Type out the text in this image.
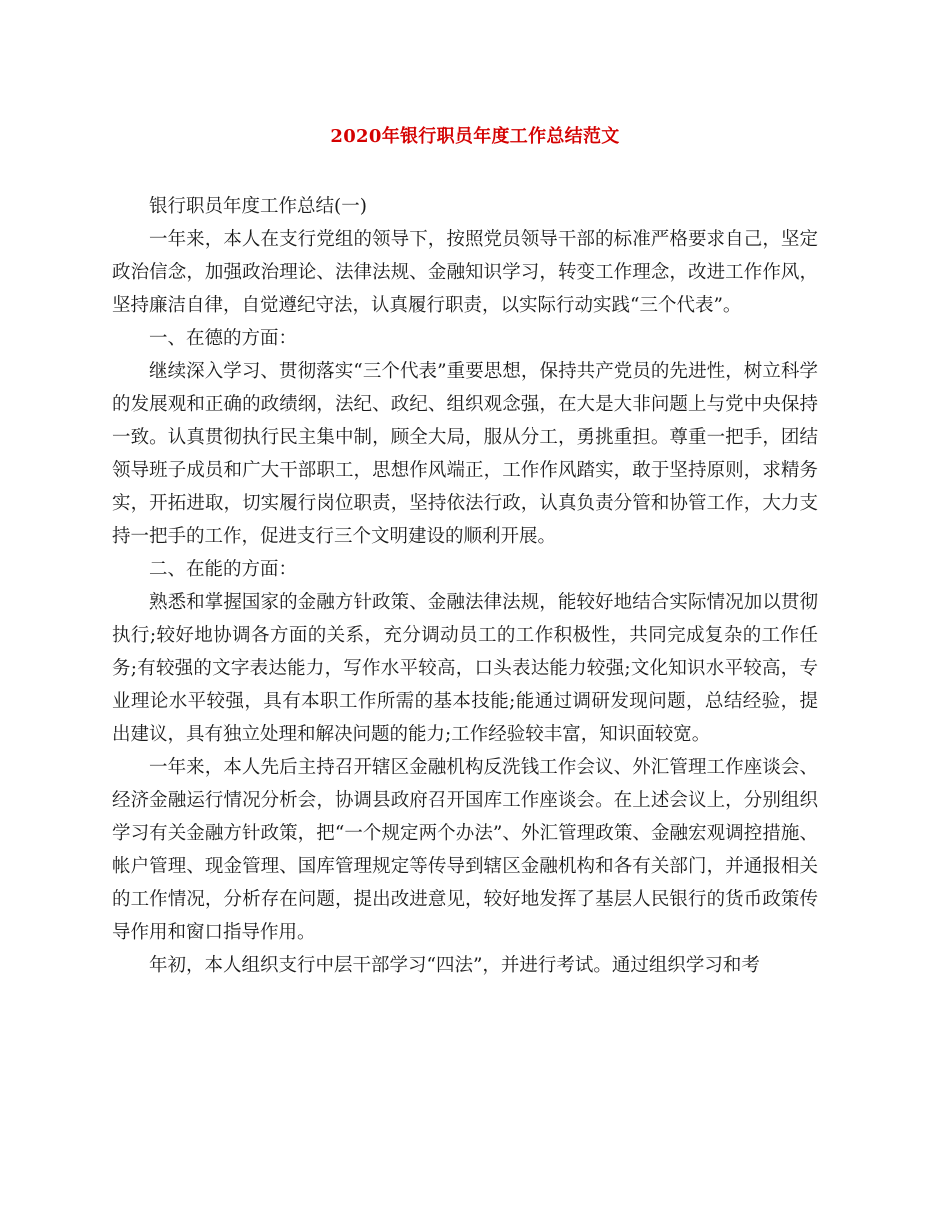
2020年银行职员年度工作总结范文

银行职员年度工作总结(一)

一年来，本人在支行党组的领导下，按照党员领导干部的标准严格要求自己，坚定政治信念，加强政治理论、法律法规、金融知识学习，转变工作理念，改进工作作风，坚持廉洁自律，自觉遵纪守法，认真履行职责，以实际行动实践“三个代表”。

一、在德的方面：

继续深入学习、贯彻落实“三个代表”重要思想，保持共产党员的先进性，树立科学的发展观和正确的政绩纲，法纪、政纪、组织观念强，在大是大非问题上与党中央保持一致。认真贯彻执行民主集中制，顾全大局，服从分工，勇挑重担。尊重一把手，团结领导班子成员和广大干部职工，思想作风端正，工作作风踏实，敢于坚持原则，求精务实，开拓进取，切实履行岗位职责，坚持依法行政，认真负责分管和协管工作，大力支持一把手的工作，促进支行三个文明建设的顺利开展。

二、在能的方面：

熟悉和掌握国家的金融方针政策、金融法律法规，能较好地结合实际情况加以贯彻执行;较好地协调各方面的关系，充分调动员工的工作积极性，共同完成复杂的工作任务;有较强的文字表达能力，写作水平较高，口头表达能力较强;文化知识水平较高，专业理论水平较强，具有本职工作所需的基本技能;能通过调研发现问题，总结经验，提出建议，具有独立处理和解决问题的能力;工作经验较丰富，知识面较宽。

一年来，本人先后主持召开辖区金融机构反洗钱工作会议、外汇管理工作座谈会、经济金融运行情况分析会，协调县政府召开国库工作座谈会。在上述会议上，分别组织学习有关金融方针政策，把“一个规定两个办法”、外汇管理政策、金融宏观调控措施、帐户管理、现金管理、国库管理规定等传导到辖区金融机构和各有关部门，并通报相关的工作情况，分析存在问题，提出改进意见，较好地发挥了基层人民银行的货币政策传导作用和窗口指导作用。

年初，本人组织支行中层干部学习“四法”，并进行考试。通过组织学习和考
